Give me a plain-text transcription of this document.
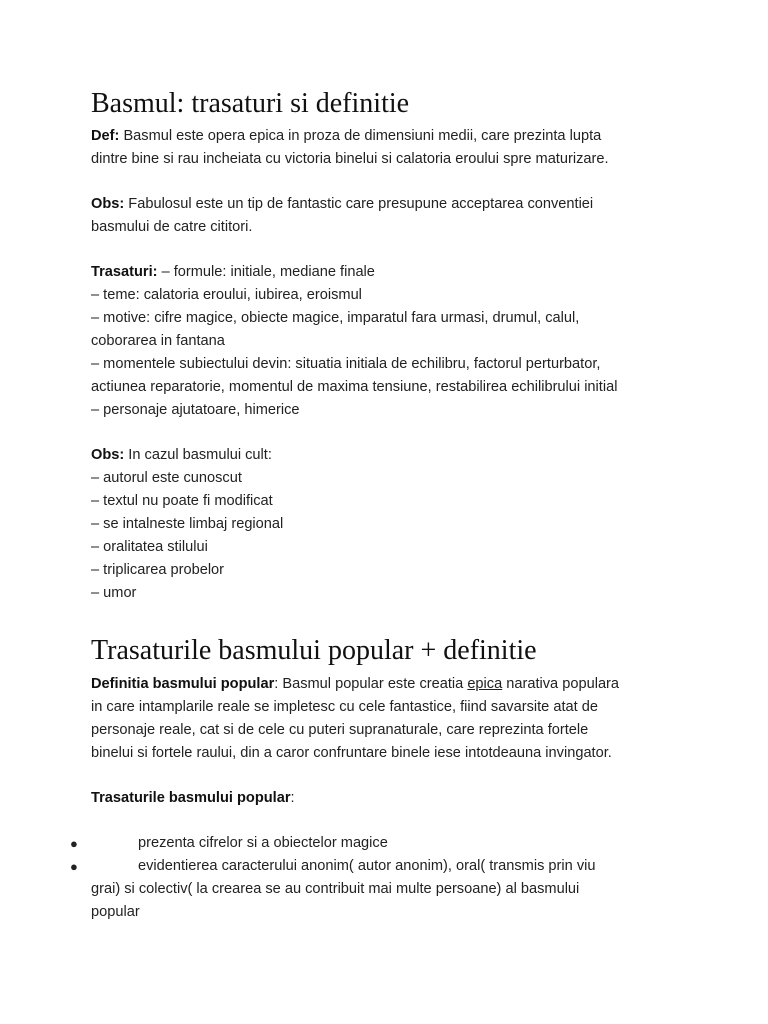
Basmul: trasaturi si definitie

Def: Basmul este opera epica in proza de dimensiuni medii, care prezinta lupta
dintre bine si rau incheiata cu victoria binelui si calatoria eroului spre maturizare.

Obs: Fabulosul este un tip de fantastic care presupune acceptarea conventiei
basmului de catre cititori.

Trasaturi: – formule: initiale, mediane finale
– teme: calatoria eroului, iubirea, eroismul
– motive: cifre magice, obiecte magice, imparatul fara urmasi, drumul, calul,
coborarea in fantana
– momentele subiectului devin: situatia initiala de echilibru, factorul perturbator,
actiunea reparatorie, momentul de maxima tensiune, restabilirea echilibrului initial
– personaje ajutatoare, himerice

Obs: In cazul basmului cult:
– autorul este cunoscut
– textul nu poate fi modificat
– se intalneste limbaj regional
– oralitatea stilului
– triplicarea probelor
– umor

Trasaturile basmului popular + definitie

Definitia basmului popular: Basmul popular este creatia epica narativa populara
in care intamplarile reale se impletesc cu cele fantastice, fiind savarsite atat de
personaje reale, cat si de cele cu puteri supranaturale, care reprezinta fortele
binelui si fortele raului, din a caror confruntare binele iese intotdeauna invingator.

Trasaturile basmului popular:

●	prezenta cifrelor si a obiectelor magice
●	evidentierea caracterului anonim( autor anonim), oral( transmis prin viu
grai) si colectiv( la crearea se au contribuit mai multe persoane) al basmului
popular
